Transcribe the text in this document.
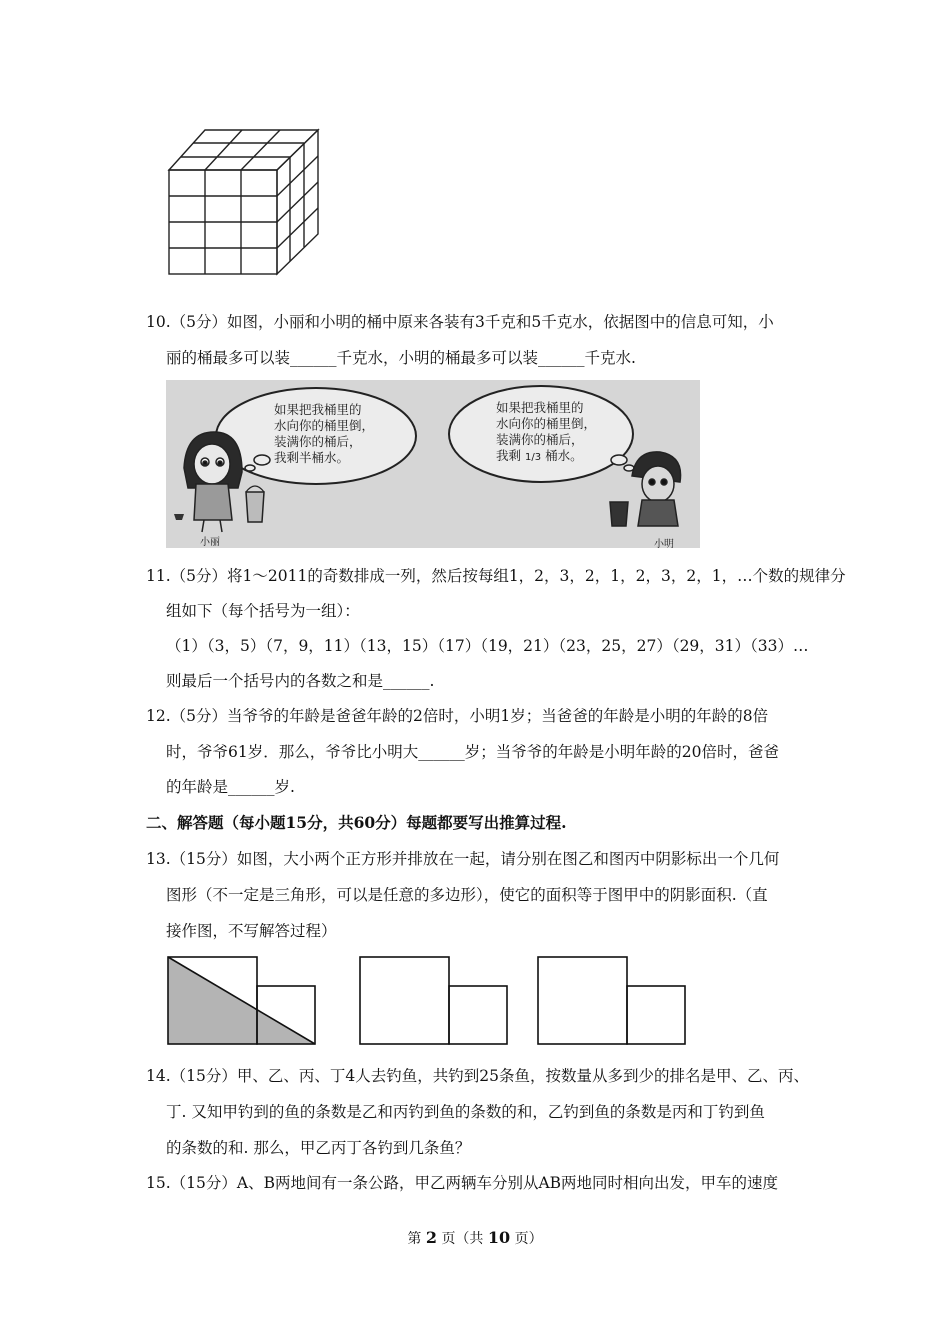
10.（5分）如图，小丽和小明的桶中原来各装有3千克和5千克水，依据图中的信息可知，小
丽的桶最多可以装______千克水，小明的桶最多可以装______千克水.
如果把我桶里的
水向你的桶里倒，
装满你的桶后，
我剩半桶水。
如果把我桶里的
水向你的桶里倒，
装满你的桶后，
我剩 1/3 桶水。
小丽	小明
11.（5分）将1～2011的奇数排成一列，然后按每组1，2，3，2，1，2，3，2，1，…个数的规律分
组如下（每个括号为一组）：
（1）（3，5）（7，9，11）（13，15）（17）（19，21）（23，25，27）（29，31）（33）…
则最后一个括号内的各数之和是______.
12.（5分）当爷爷的年龄是爸爸年龄的2倍时，小明1岁；当爸爸的年龄是小明的年龄的8倍
时，爷爷61岁．那么，爷爷比小明大______岁；当爷爷的年龄是小明年龄的20倍时，爸爸
的年龄是______岁.
二、解答题（每小题15分，共60分）每题都要写出推算过程.
13.（15分）如图，大小两个正方形并排放在一起，请分别在图乙和图丙中阴影标出一个几何
图形（不一定是三角形，可以是任意的多边形），使它的面积等于图甲中的阴影面积.（直
接作图，不写解答过程）
14.（15分）甲、乙、丙、丁4人去钓鱼，共钓到25条鱼，按数量从多到少的排名是甲、乙、丙、
丁. 又知甲钓到的鱼的条数是乙和丙钓到鱼的条数的和，乙钓到鱼的条数是丙和丁钓到鱼
的条数的和. 那么，甲乙丙丁各钓到几条鱼？
15.（15分）A、B两地间有一条公路，甲乙两辆车分别从AB两地同时相向出发，甲车的速度
第 2 页（共 10 页）
